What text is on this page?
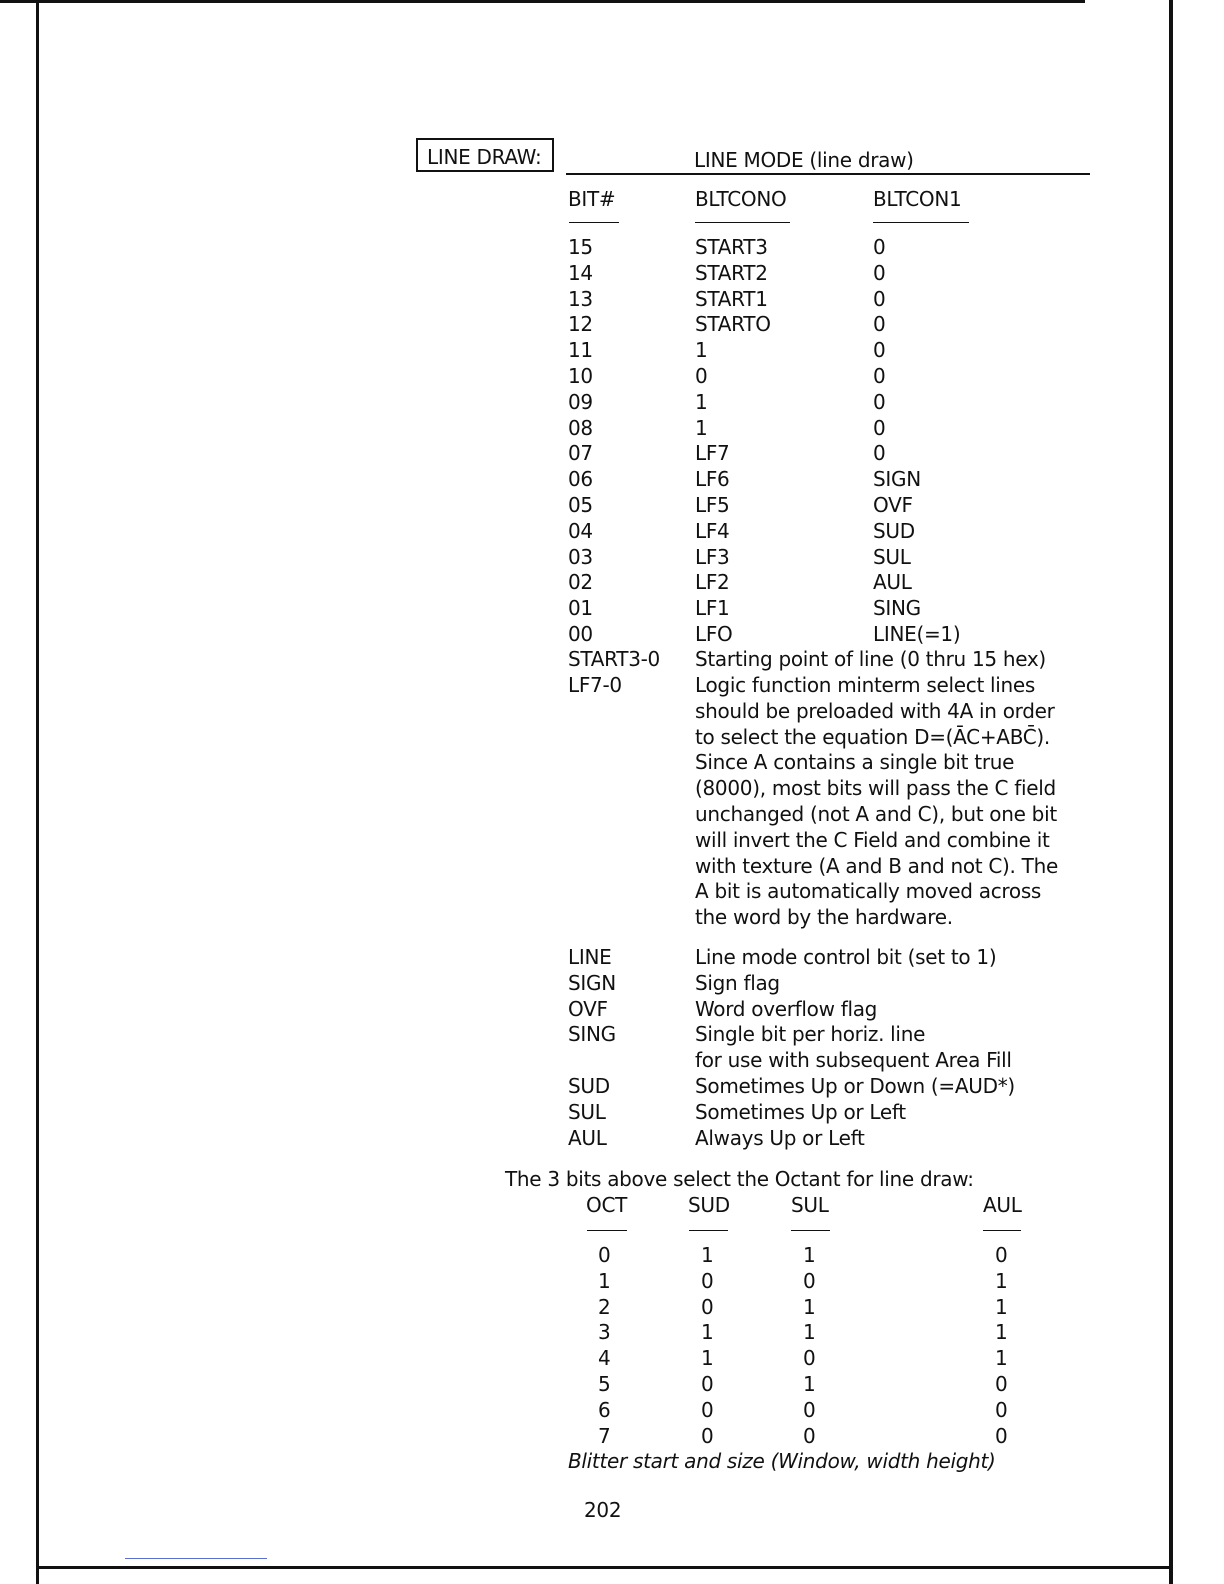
LINE DRAW:	LINE MODE (line draw)
BIT#	BLTCONO	BLTCON1
15	START3	0
14	START2	0
13	START1	0
12	STARTO	0
11	1	0
10	0	0
09	1	0
08	1	0
07	LF7	0
06	LF6	SIGN
05	LF5	OVF
04	LF4	SUD
03	LF3	SUL
02	LF2	AUL
01	LF1	SING
00	LFO	LINE(=1)
START3-0 Starting point of line (0 thru 15 hex)
LF7-0	Logic function minterm select lines
should be preloaded with 4A in order
to select the equation D=(ĀC+ABC̄).
Since A contains a single bit true
(8000), most bits will pass the C field
unchanged (not A and C), but one bit
will invert the C Field and combine it
with texture (A and B and not C). The
A bit is automatically moved across
the word by the hardware.
LINE	Line mode control bit (set to 1)
SIGN	Sign flag
OVF	Word overflow flag
SING	Single bit per horiz. line
for use with subsequent Area Fill
SUD	Sometimes Up or Down (=AUD*)
SUL	Sometimes Up or Left
AUL	Always Up or Left
The 3 bits above select the Octant for line draw:
OCT	SUD	SUL	AUL
0	1	1	0
1	0	0	1
2	0	1	1
3	1	1	1
4	1	0	1
5	0	1	0
6	0	0	0
7	0	0	0
Blitter start and size (Window, width height)
202
